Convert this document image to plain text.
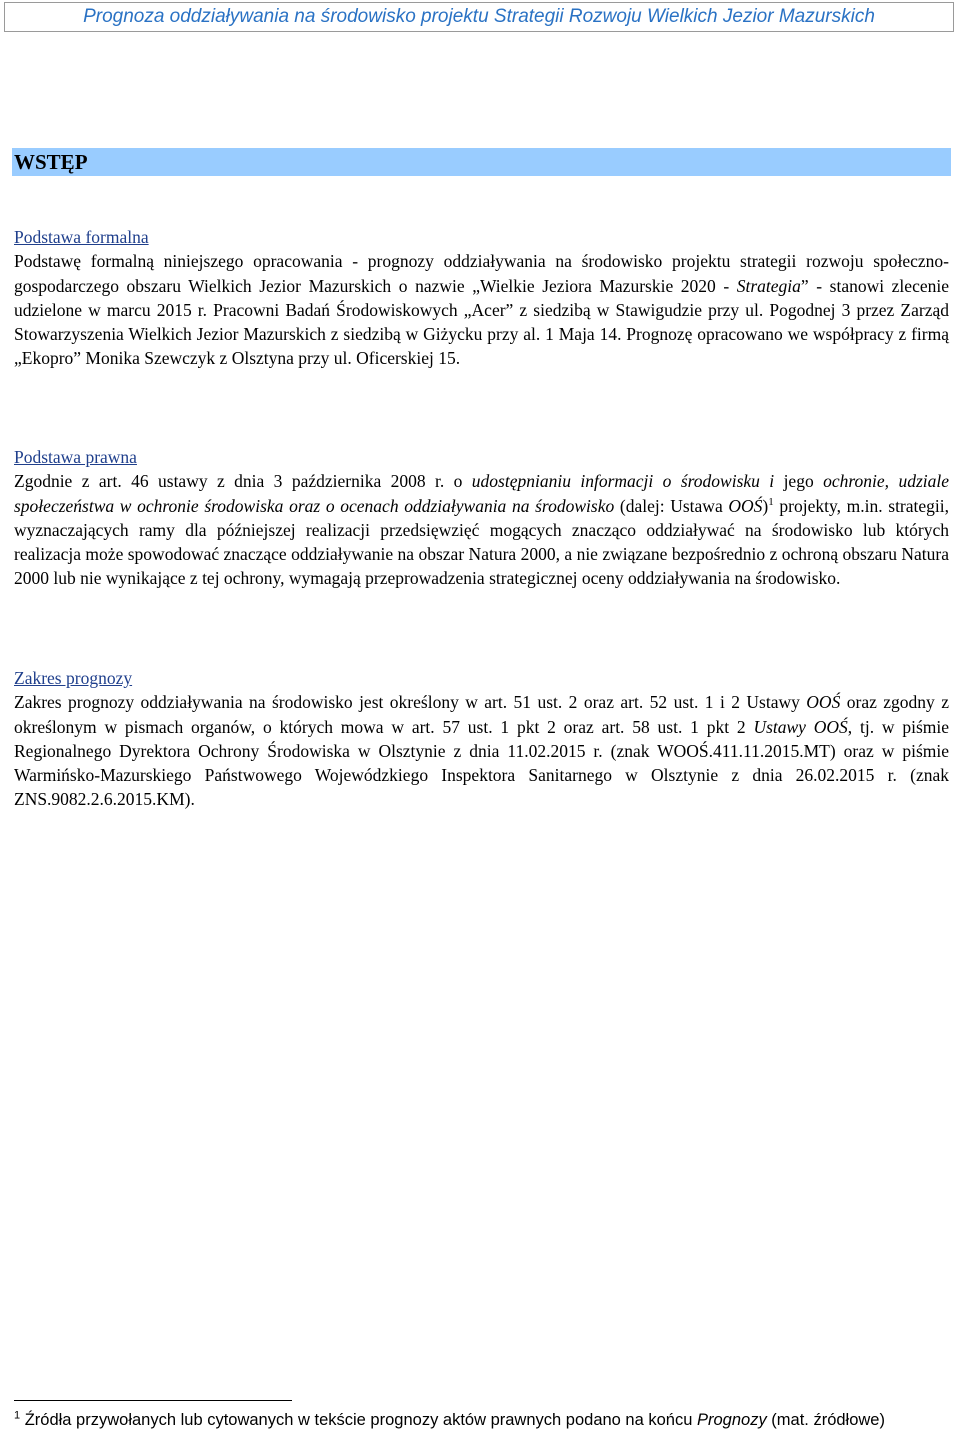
Prognoza oddziaływania na środowisko projektu Strategii Rozwoju Wielkich Jezior Mazurskich
WSTĘP
Podstawa formalna
Podstawę formalną niniejszego opracowania - prognozy oddziaływania na środowisko projektu strategii rozwoju społeczno-gospodarczego obszaru Wielkich Jezior Mazurskich o nazwie „Wielkie Jeziora Mazurskie 2020 - Strategia” - stanowi zlecenie udzielone w marcu 2015 r. Pracowni Badań Środowiskowych „Acer” z siedzibą w Stawigudzie przy ul. Pogodnej 3 przez Zarząd Stowarzyszenia Wielkich Jezior Mazurskich z siedzibą w Giżycku przy al. 1 Maja 14. Prognozę opracowano we współpracy z firmą „Ekopro” Monika Szewczyk z Olsztyna przy ul. Oficerskiej 15.
Podstawa prawna
Zgodnie z art. 46 ustawy z dnia 3 października 2008 r. o udostępnianiu informacji o środowisku i jego ochronie, udziale społeczeństwa w ochronie środowiska oraz o ocenach oddziaływania na środowisko (dalej: Ustawa OOŚ)$^1$ projekty, m.in. strategii, wyznaczających ramy dla późniejszej realizacji przedsięwzięć mogących znacząco oddziaływać na środowisko lub których realizacja może spowodować znaczące oddziaływanie na obszar Natura 2000, a nie związane bezpośrednio z ochroną obszaru Natura 2000 lub nie wynikające z tej ochrony, wymagają przeprowadzenia strategicznej oceny oddziaływania na środowisko.
Zakres prognozy
Zakres prognozy oddziaływania na środowisko jest określony w art. 51 ust. 2 oraz art. 52 ust. 1 i 2 Ustawy OOŚ oraz zgodny z określonym w pismach organów, o których mowa w art. 57 ust. 1 pkt 2 oraz art. 58 ust. 1 pkt 2 Ustawy OOŚ, tj. w piśmie Regionalnego Dyrektora Ochrony Środowiska w Olsztynie z dnia 11.02.2015 r. (znak WOOŚ.411.11.2015.MT) oraz w piśmie Warmińsko-Mazurskiego Państwowego Wojewódzkiego Inspektora Sanitarnego w Olsztynie z dnia 26.02.2015 r. (znak ZNS.9082.2.6.2015.KM).
$^1$ Źródła przywołanych lub cytowanych w tekście prognozy aktów prawnych podano na końcu Prognozy (mat. źródłowe)
